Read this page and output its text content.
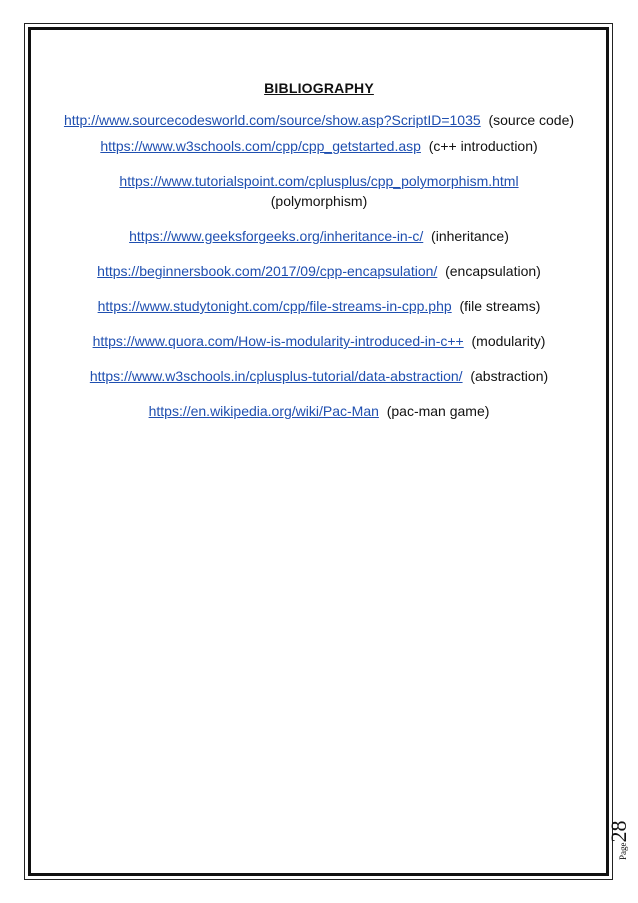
BIBLIOGRAPHY
http://www.sourcecodesworld.com/source/show.asp?ScriptID=1035 (source code)
https://www.w3schools.com/cpp/cpp_getstarted.asp (c++ introduction)
https://www.tutorialspoint.com/cplusplus/cpp_polymorphism.html
(polymorphism)
https://www.geeksforgeeks.org/inheritance-in-c/ (inheritance)
https://beginnersbook.com/2017/09/cpp-encapsulation/ (encapsulation)
https://www.studytonight.com/cpp/file-streams-in-cpp.php (file streams)
https://www.quora.com/How-is-modularity-introduced-in-c++ (modularity)
https://www.w3schools.in/cplusplus-tutorial/data-abstraction/ (abstraction)
https://en.wikipedia.org/wiki/Pac-Man (pac-man game)
Page28
